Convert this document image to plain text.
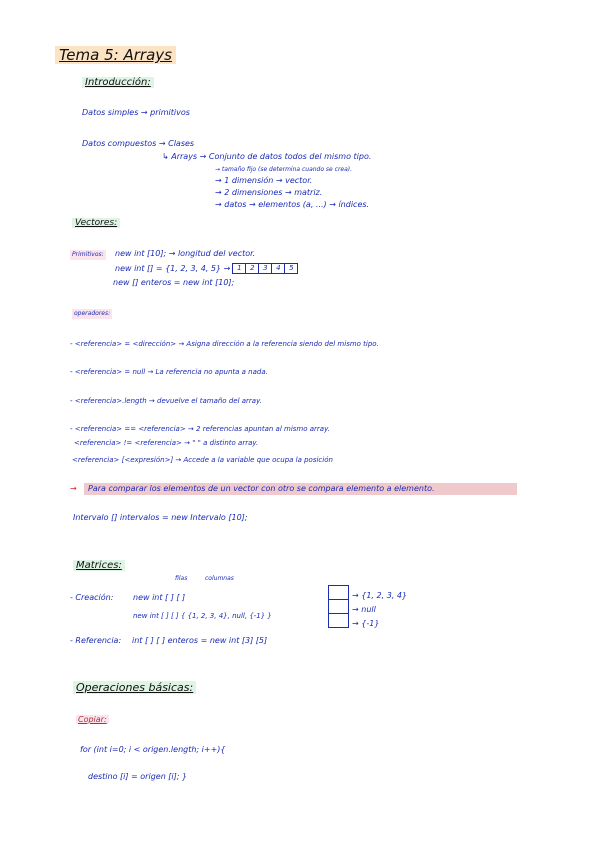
Tema 5: Arrays
Introducción:
Datos simples → primitivos
Datos compuestos → Clases
↳ Arrays → Conjunto de datos todos del mismo tipo.
→ tamaño fijo (se determina cuando se crea).
→ 1 dimensión → vector.
→ 2 dimensiones → matriz.
→ datos → elementos (a, ...) → índices.
Vectores:
Primitivos: new int [10]; → longitud del vector.
new int [] = {1, 2, 3, 4, 5} → 1	2	3	4	5
new [] enteros = new int [10];
operadores:
- <referencia> = <dirección> → Asigna dirección a la referencia siendo del mismo tipo.
- <referencia> = null → La referencia no apunta a nada.
- <referencia>.length → devuelve el tamaño del array.
- <referencia> == <referencia> → 2 referencias apuntan al mismo array.
<referencia> != <referencia> → " " a distinto array.
<referencia> [<expresión>] → Accede a la variable que ocupa la posición
→	Para comparar los elementos de un vector con otro se compara elemento a elemento.
Intervalo [] intervalos = new Intervalo [10];
Matrices:
filas	columnas
- Creación: new int [ ] [ ]
new int [ ] [ ] { {1, 2, 3, 4}, null, {-1} }
- Referencia: int [ ] [ ] enteros = new int [3] [5]
→ {1, 2, 3, 4}
→ null
→ {-1}
Operaciones básicas:
Copiar:
for (int i=0; i < origen.length; i++){
destino [i] = origen [i]; }
